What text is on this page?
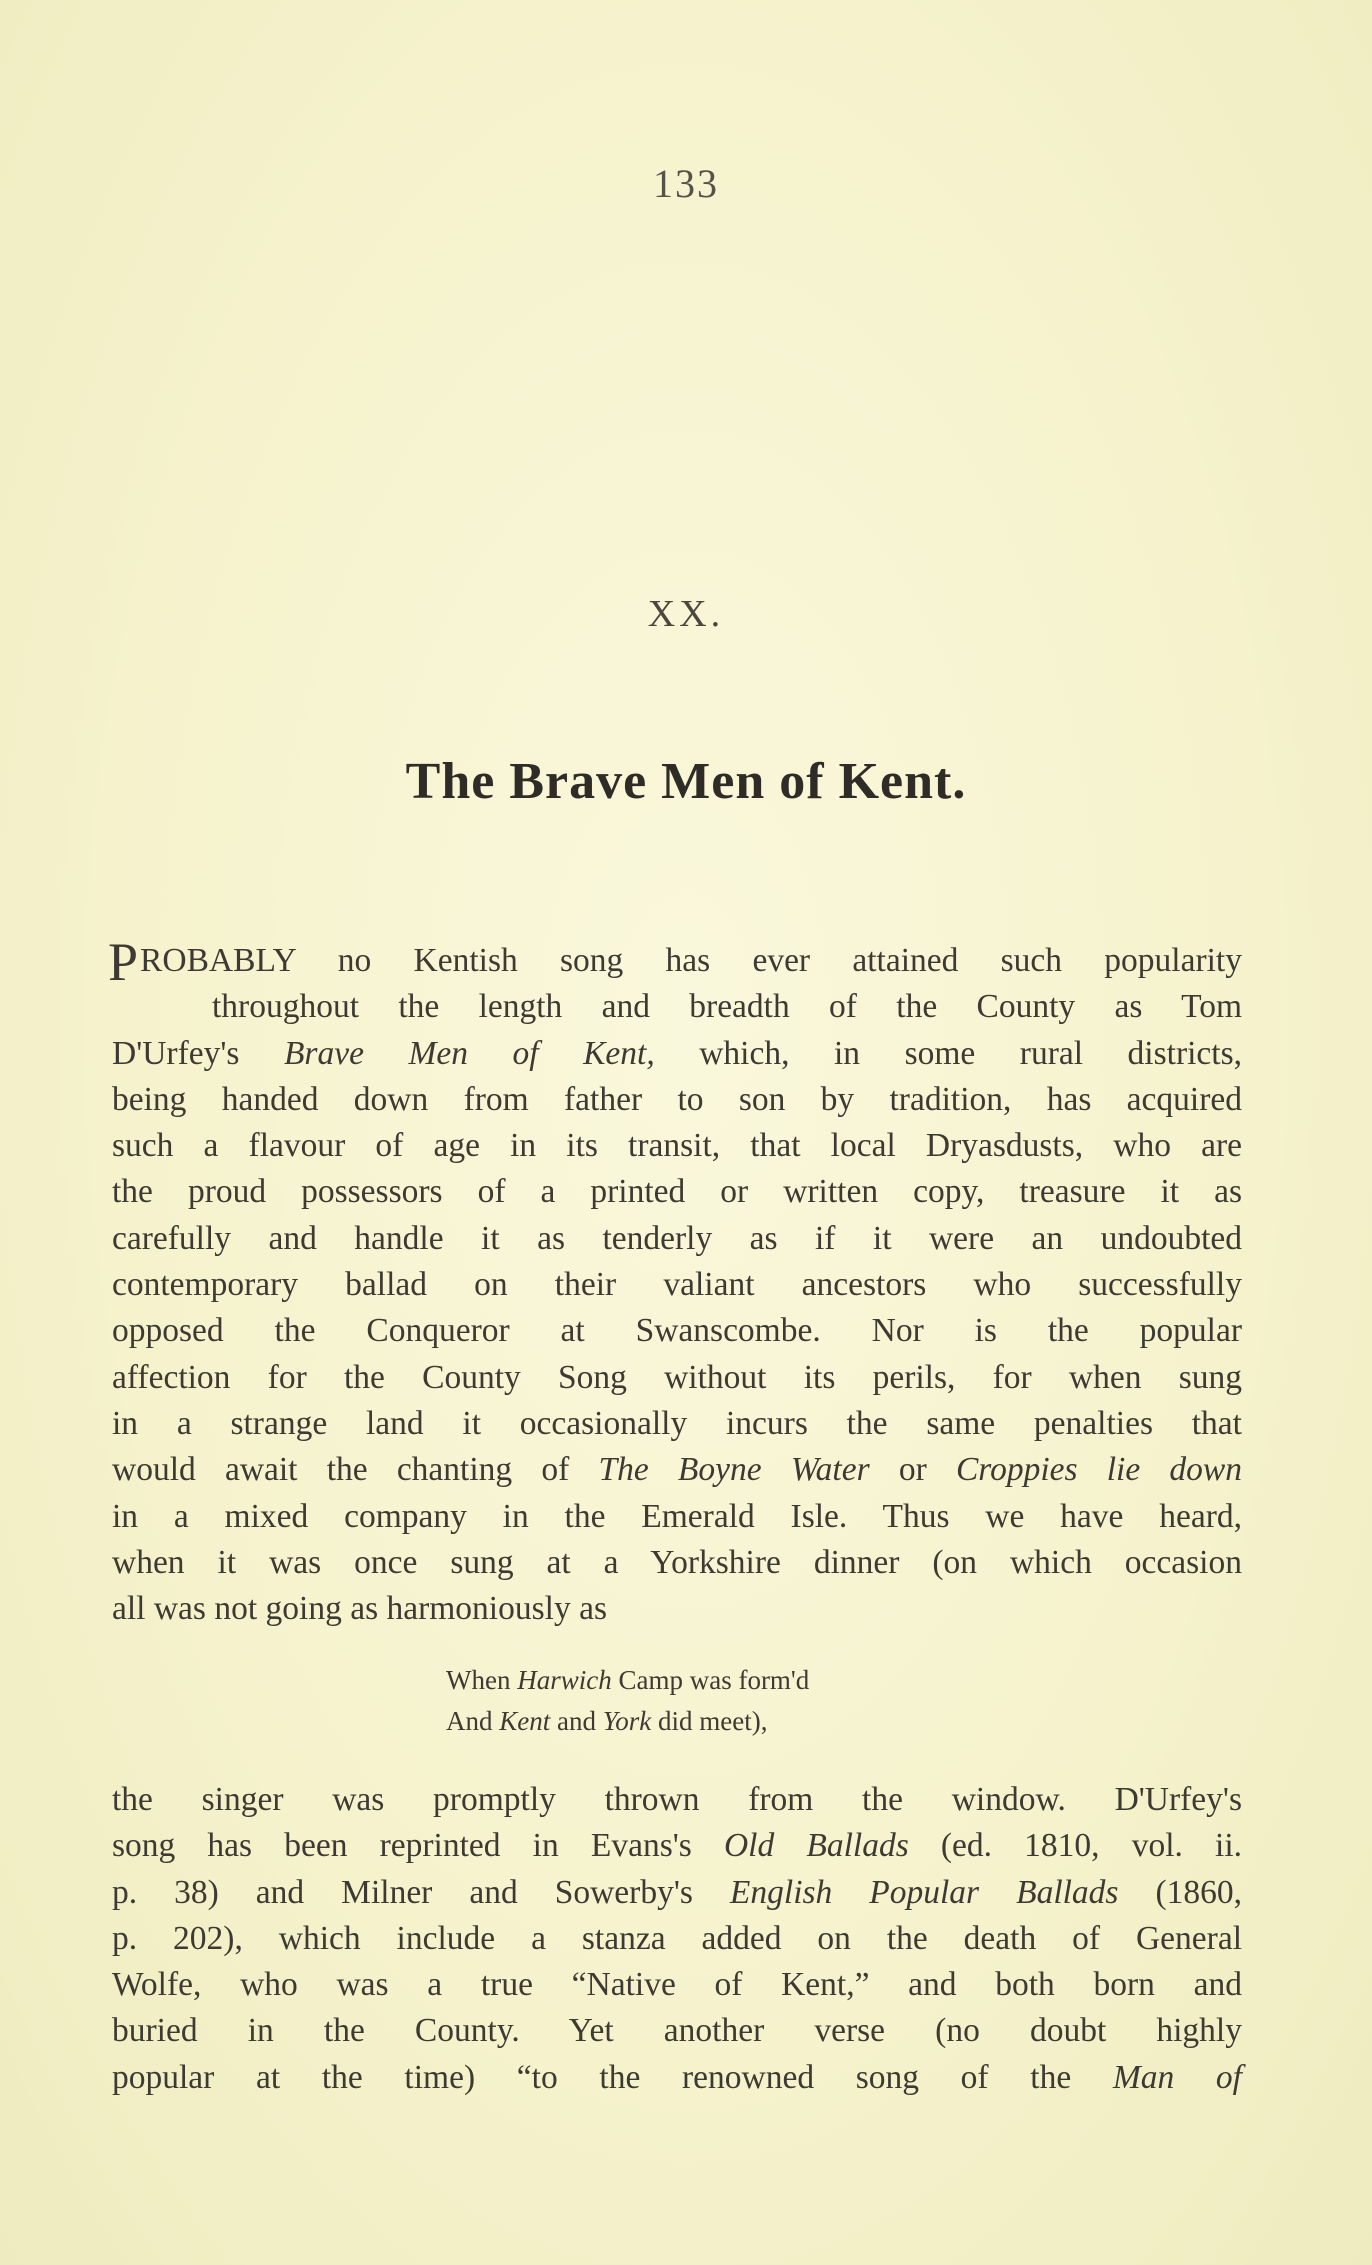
133
XX.
The Brave Men of Kent.
PROBABLY no Kentish song has ever attained such popularity
throughout the length and breadth of the County as Tom
D'Urfey's Brave Men of Kent, which, in some rural districts,
being handed down from father to son by tradition, has acquired
such a flavour of age in its transit, that local Dryasdusts, who are
the proud possessors of a printed or written copy, treasure it as
carefully and handle it as tenderly as if it were an undoubted
contemporary ballad on their valiant ancestors who successfully
opposed the Conqueror at Swanscombe. Nor is the popular
affection for the County Song without its perils, for when sung
in a strange land it occasionally incurs the same penalties that
would await the chanting of The Boyne Water or Croppies lie down
in a mixed company in the Emerald Isle. Thus we have heard,
when it was once sung at a Yorkshire dinner (on which occasion
all was not going as harmoniously as
When Harwich Camp was form'd
And Kent and York did meet),
the singer was promptly thrown from the window. D'Urfey's
song has been reprinted in Evans's Old Ballads (ed. 1810, vol. ii.
p. 38) and Milner and Sowerby's English Popular Ballads (1860,
p. 202), which include a stanza added on the death of General
Wolfe, who was a true “Native of Kent,” and both born and
buried in the County. Yet another verse (no doubt highly
popular at the time) “to the renowned song of the Man of
